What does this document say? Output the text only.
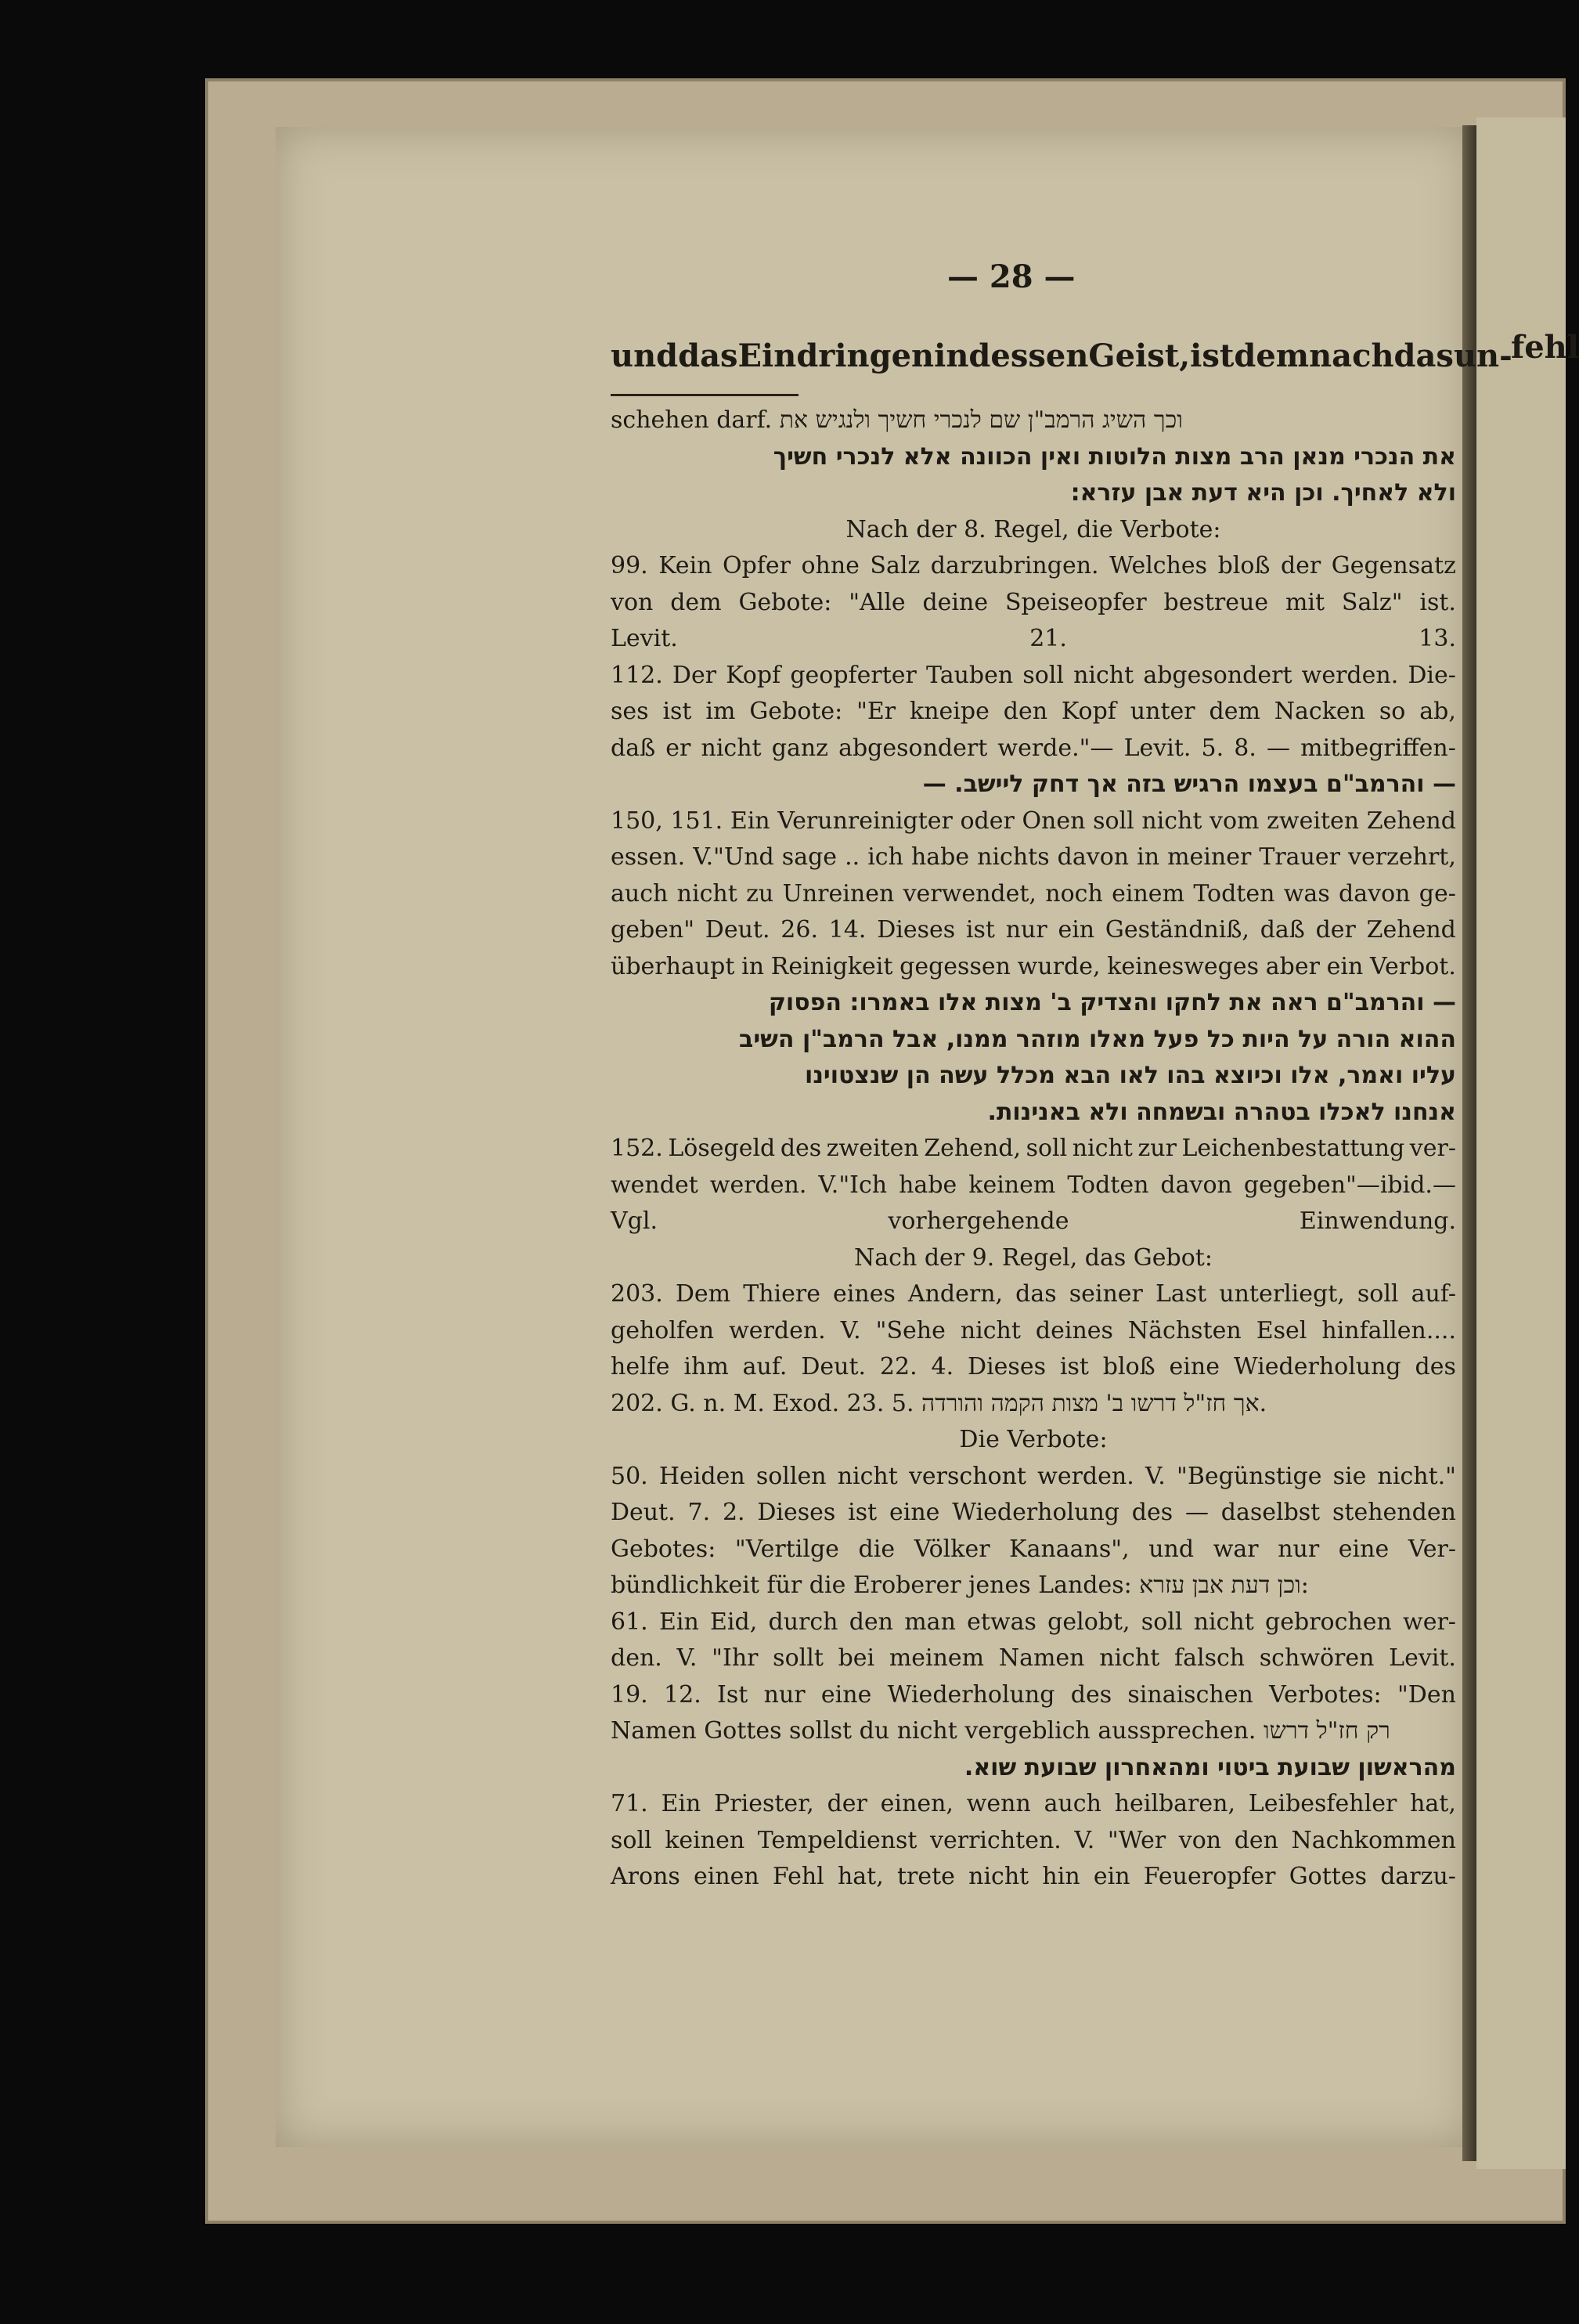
fehl
— 28 —
und das Eindringen in dessen Geist, ist demnach das un-
schehen darf. וכך השיג הרמב"ן שם לנכרי חשיך ולנגיש את
את הנכרי מנאן הרב מצות הלוטות ואין הכוונה אלא לנכרי חשיך
ולא לאחיך. וכן היא דעת אבן עזרא:
Nach der 8. Regel, die Verbote:
99. Kein Opfer ohne Salz darzubringen. Welches bloß der Gegensatz
von dem Gebote: "Alle deine Speiseopfer bestreue mit Salz" ist.
Levit.	21.	13.
112. Der Kopf geopferter Tauben soll nicht abgesondert werden. Die-
ses ist im Gebote: "Er kneipe den Kopf unter dem Nacken so ab,
daß er nicht ganz abgesondert werde."— Levit. 5. 8. — mitbegriffen-
— והרמב"ם בעצמו הרגיש בזה אך דחק ליישב. —
150, 151. Ein Verunreinigter oder Onen soll nicht vom zweiten Zehend
essen. V."Und sage .. ich habe nichts davon in meiner Trauer verzehrt,
auch nicht zu Unreinen verwendet, noch einem Todten was davon ge-
geben" Deut. 26. 14. Dieses ist nur ein Geständniß, daß der Zehend
überhaupt in Reinigkeit gegessen wurde, keinesweges aber ein Verbot.
— והרמב"ם ראה את לחקו והצדיק ב' מצות אלו באמרו: הפסוק
ההוא הורה על היות כל פעל מאלו מוזהר ממנו, אבל הרמב"ן השיב
עליו ואמר, אלו וכיוצא בהו לאו הבא מכלל עשה הן שנצטוינו
אנחנו לאכלו בטהרה ובשמחה ולא באנינות.
152. Lösegeld des zweiten Zehend, soll nicht zur Leichenbestattung ver-
wendet werden. V."Ich habe keinem Todten davon gegeben"—ibid.—
Vgl.	vorhergehende	Einwendung.
Nach der 9. Regel, das Gebot:
203. Dem Thiere eines Andern, das seiner Last unterliegt, soll auf-
geholfen werden. V. "Sehe nicht deines Nächsten Esel hinfallen....
helfe ihm auf. Deut. 22. 4. Dieses ist bloß eine Wiederholung des
202. G. n. M. Exod. 23. 5. אך חז"ל דרשו ב' מצות הקמה והורדה.
Die Verbote:
50. Heiden sollen nicht verschont werden. V. "Begünstige sie nicht."
Deut. 7. 2. Dieses ist eine Wiederholung des — daselbst stehenden
Gebotes: "Vertilge die Völker Kanaans", und war nur eine Ver-
bündlichkeit für die Eroberer jenes Landes: וכן דעת אבן עזרא:
61. Ein Eid, durch den man etwas gelobt, soll nicht gebrochen wer-
den. V. "Ihr sollt bei meinem Namen nicht falsch schwören Levit.
19. 12. Ist nur eine Wiederholung des sinaischen Verbotes: "Den
Namen Gottes sollst du nicht vergeblich aussprechen. רק חז"ל דרשו
מהראשון שבועת ביטוי ומהאחרון שבועת שוא.
71. Ein Priester, der einen, wenn auch heilbaren, Leibesfehler hat,
soll keinen Tempeldienst verrichten. V. "Wer von den Nachkommen
Arons einen Fehl hat, trete nicht hin ein Feueropfer Gottes darzu-
